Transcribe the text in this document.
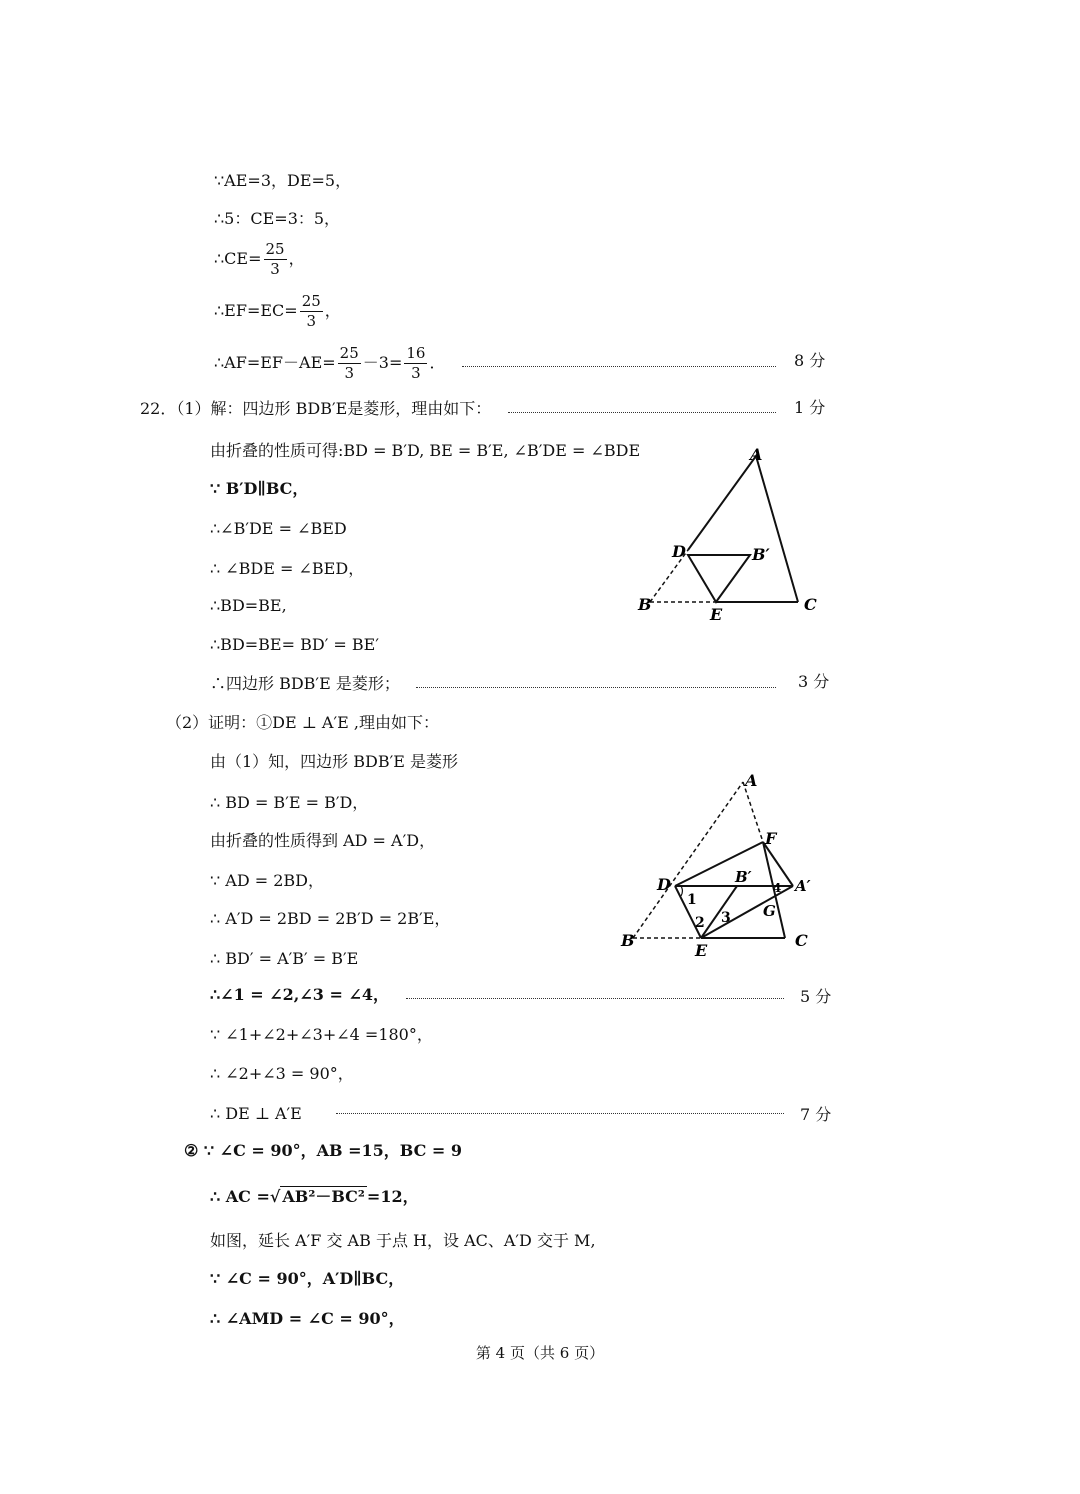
∵AE=3，DE=5，
∴5：CE=3：5，
∴CE= $\frac{25}{3}$ ，
∴EF=EC= $\frac{25}{3}$ ，
∴AF=EF－AE= $\frac{25}{3} -3= \frac{16}{3}$ ．	8 分
22．（1）解：四边形 BDB′E是菱形，理由如下：	1 分
由折叠的性质可得:BD = B′D, BE = B′E, ∠B′DE = ∠BDE
∵ B′D∥BC，
∴∠B′DE = ∠BED
∴ ∠BDE = ∠BED，
∴BD=BE,
∴BD=BE= BD′ = BE′
∴四边形 BDB′E 是菱形；	3 分
A
D	B′
B
E
C
（2）证明：①DE ⊥ A′E ,理由如下：
由（1）知，四边形 BDB′E 是菱形
∴ BD = B′E = B′D，
由折叠的性质得到 AD = A′D，
∵ AD = 2BD，
∴ A′D = 2BD = 2B′D = 2B′E，
∴ BD′ = A′B′ = B′E
∴∠1 = ∠2,∠3 = ∠4，	5 分
∵ ∠1+∠2+∠3+∠4 =180°，
∴ ∠2+∠3 = 90°，
∴ DE ⊥ A′E	7 分
A
F
D	B′	A′
G
B
E
C
1
2 3
4
② ∵ ∠C = 90°，AB =15，BC = 9
∴ AC =√ AB²－BC² =12，
如图，延长 A′F 交 AB 于点 H，设 AC、A′D 交于 M,
∵ ∠C = 90°，A′D∥BC，
∴ ∠AMD = ∠C = 90°，
第 4 页（共 6 页）
